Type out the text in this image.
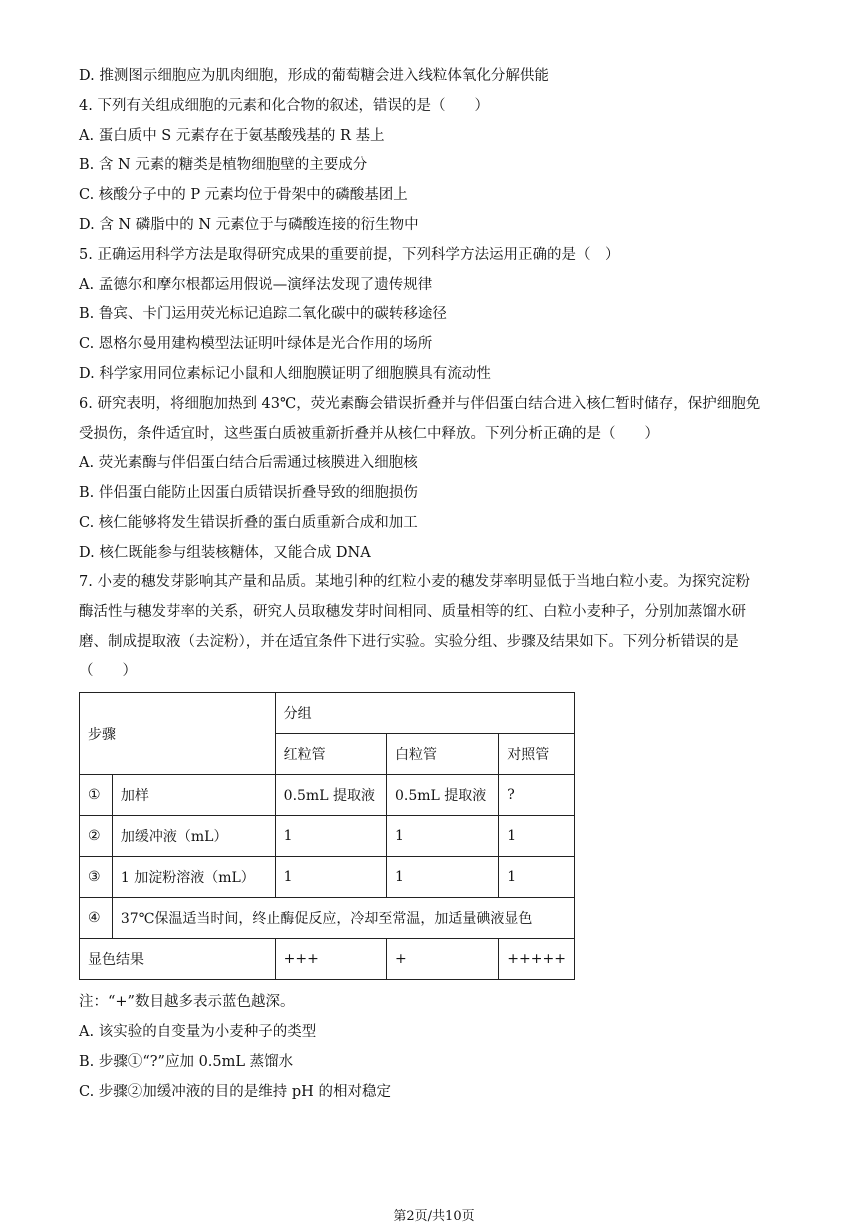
D. 推测图示细胞应为肌肉细胞，形成的葡萄糖会进入线粒体氧化分解供能
4. 下列有关组成细胞的元素和化合物的叙述，错误的是（　　）
A. 蛋白质中 S 元素存在于氨基酸残基的 R 基上
B. 含 N 元素的糖类是植物细胞壁的主要成分
C. 核酸分子中的 P 元素均位于骨架中的磷酸基团上
D. 含 N 磷脂中的 N 元素位于与磷酸连接的衍生物中
5. 正确运用科学方法是取得研究成果的重要前提，下列科学方法运用正确的是（　）
A. 孟德尔和摩尔根都运用假说—演绎法发现了遗传规律
B. 鲁宾、卡门运用荧光标记追踪二氧化碳中的碳转移途径
C. 恩格尔曼用建构模型法证明叶绿体是光合作用的场所
D. 科学家用同位素标记小鼠和人细胞膜证明了细胞膜具有流动性
6. 研究表明，将细胞加热到 43℃，荧光素酶会错误折叠并与伴侣蛋白结合进入核仁暂时储存，保护细胞免
受损伤，条件适宜时，这些蛋白质被重新折叠并从核仁中释放。下列分析正确的是（　　）
A. 荧光素酶与伴侣蛋白结合后需通过核膜进入细胞核
B. 伴侣蛋白能防止因蛋白质错误折叠导致的细胞损伤
C. 核仁能够将发生错误折叠的蛋白质重新合成和加工
D. 核仁既能参与组装核糖体，又能合成 DNA
7. 小麦的穗发芽影响其产量和品质。某地引种的红粒小麦的穗发芽率明显低于当地白粒小麦。为探究淀粉
酶活性与穗发芽率的关系，研究人员取穗发芽时间相同、质量相等的红、白粒小麦种子，分别加蒸馏水研
磨、制成提取液（去淀粉），并在适宜条件下进行实验。实验分组、步骤及结果如下。下列分析错误的是
（　　）
步骤		分组		
		红粒管	白粒管	对照管
①	加样	0.5mL 提取液	0.5mL 提取液	?
②	加缓冲液（mL）	1	1	1
③	1 加淀粉溶液（mL）	1	1	1
④	37℃保温适当时间，终止酶促反应，冷却至常温，加适量碘液显色			
显色结果		+++	+	+++++
注：“+”数目越多表示蓝色越深。
A. 该实验的自变量为小麦种子的类型
B. 步骤①“?”应加 0.5mL 蒸馏水
C. 步骤②加缓冲液的目的是维持 pH 的相对稳定
第2页/共10页
